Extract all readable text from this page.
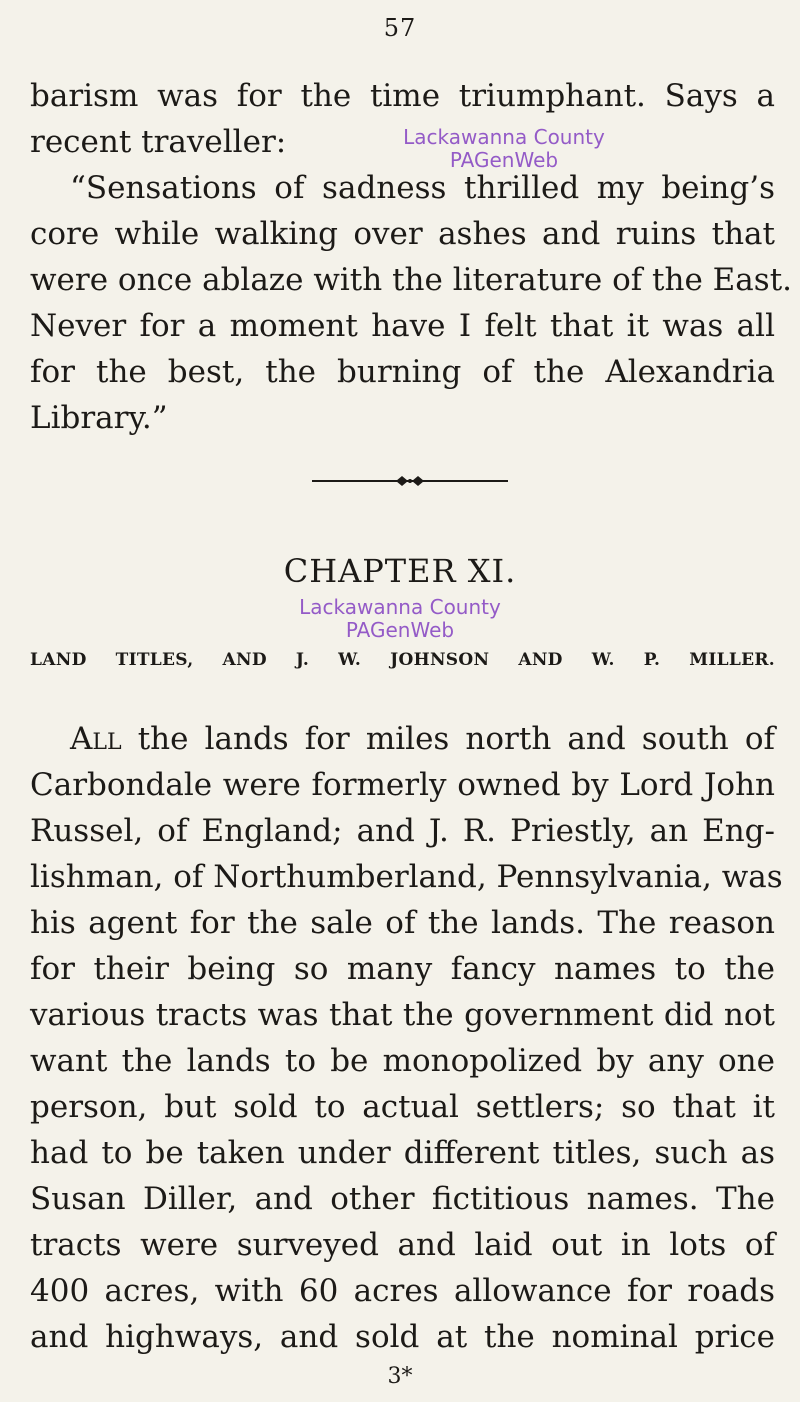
57
barism was for the time triumphant. Says a
recent traveller:
“Sensations of sadness thrilled my being’s
core while walking over ashes and ruins that
were once ablaze with the literature of the East.
Never for a moment have I felt that it was all
for the best, the burning of the Alexandria
Library.”
Lackawanna County
PAGenWeb
CHAPTER XI.
Lackawanna County
PAGenWeb
LAND TITLES, AND J. W. JOHNSON AND W. P. MILLER.
All the lands for miles north and south of
Carbondale were formerly owned by Lord John
Russel, of England; and J. R. Priestly, an Eng-
lishman, of Northumberland, Pennsylvania, was
his agent for the sale of the lands. The reason
for their being so many fancy names to the
various tracts was that the government did not
want the lands to be monopolized by any one
person, but sold to actual settlers; so that it
had to be taken under different titles, such as
Susan Diller, and other fictitious names. The
tracts were surveyed and laid out in lots of
400 acres, with 60 acres allowance for roads
and highways, and sold at the nominal price
3*
